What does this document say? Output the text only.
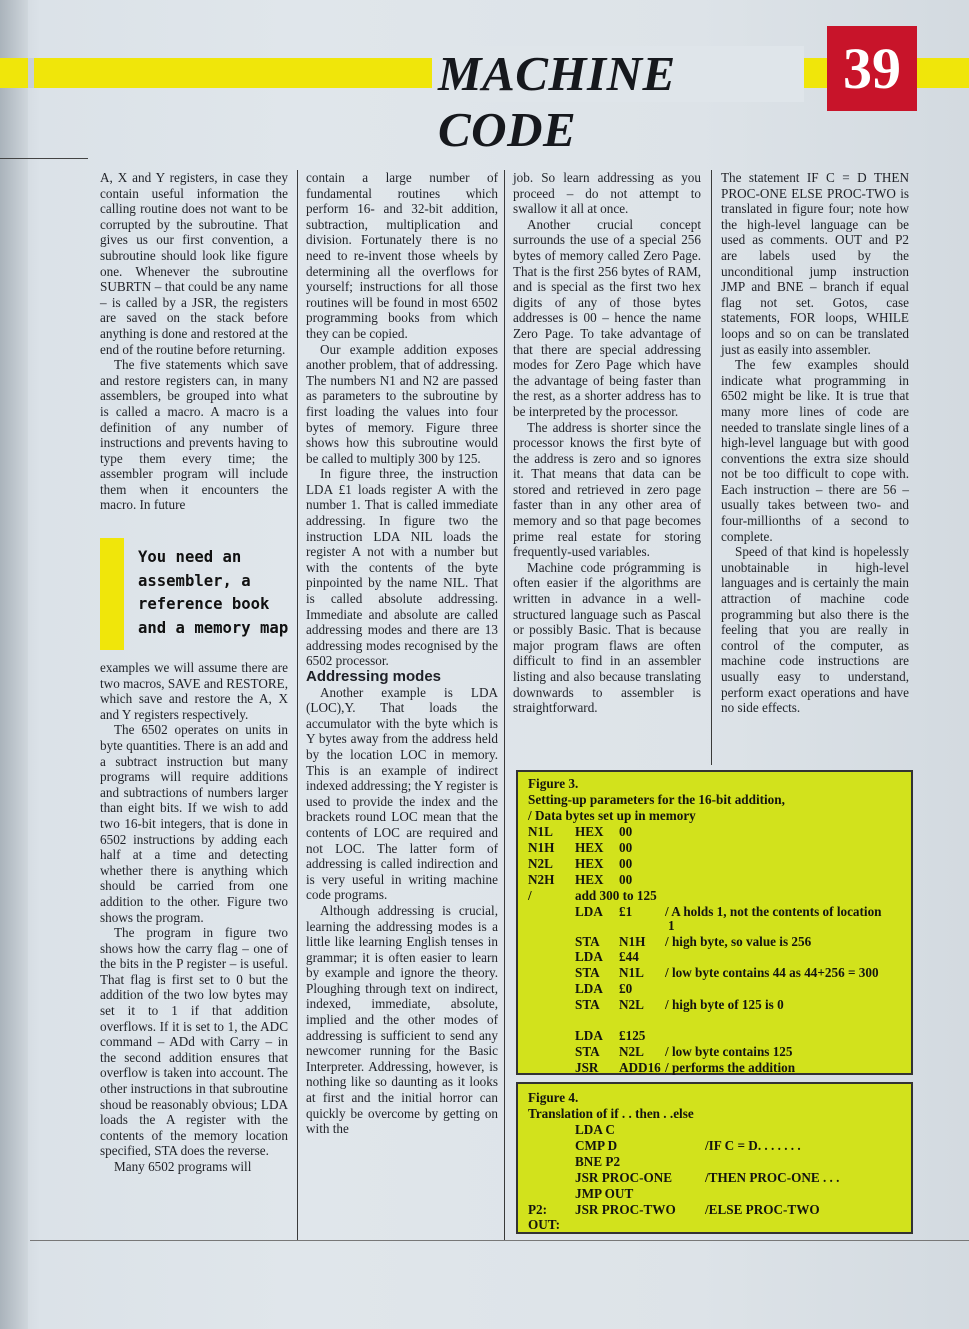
MACHINE CODE
39

A, X and Y registers, in case they contain useful information the calling routine does not want to be corrupted by the subroutine. That gives us our first convention, a subroutine should look like figure one. Whenever the subroutine SUBRTN – that could be any name – is called by a JSR, the registers are saved on the stack before anything is done and restored at the end of the routine before returning.

The five statements which save and restore registers can, in many assemblers, be grouped into what is called a macro. A macro is a definition of any number of instructions and prevents having to type them every time; the assembler program will include them when it encounters the macro. In future

You need an
assembler, a
reference book
and a memory map

examples we will assume there are two macros, SAVE and RESTORE, which save and restore the A, X and Y registers respectively.

The 6502 operates on units in byte quantities. There is an add and a subtract instruction but many programs will require additions and subtractions of numbers larger than eight bits. If we wish to add two 16-bit integers, that is done in 6502 instructions by adding each half at a time and detecting whether there is anything which should be carried from one addition to the other. Figure two shows the program.

The program in figure two shows how the carry flag – one of the bits in the P register – is useful. That flag is first set to 0 but the addition of the two low bytes may set it to 1 if that addition overflows. If it is set to 1, the ADC command – ADd with Carry – in the second addition ensures that overflow is taken into account. The other instructions in that subroutine shoud be reasonably obvious; LDA loads the A register with the contents of the memory location specified, STA does the reverse.

Many 6502 programs will

contain a large number of fundamental routines which perform 16- and 32-bit addition, subtraction, multiplication and division. Fortunately there is no need to re-invent those wheels by determining all the overflows for yourself; instructions for all those routines will be found in most 6502 programming books from which they can be copied.

Our example addition exposes another problem, that of addressing. The numbers N1 and N2 are passed as parameters to the subroutine by first loading the values into four bytes of memory. Figure three shows how this subroutine would be called to multiply 300 by 125.

In figure three, the instruction LDA £1 loads register A with the number 1. That is called immediate addressing. In figure two the instruction LDA NIL loads the register A not with a number but with the contents of the byte pinpointed by the name NIL. That is called absolute addressing. Immediate and absolute are called addressing modes and there are 13 addressing modes recognised by the 6502 processor.

Addressing modes

Another example is LDA (LOC),Y. That loads the accumulator with the byte which is Y bytes away from the address held by the location LOC in memory. This is an example of indirect indexed addressing; the Y register is used to provide the index and the brackets round LOC mean that the contents of LOC are required and not LOC. The latter form of addressing is called indirection and is very useful in writing machine code programs.

Although addressing is crucial, learning the addressing modes is a little like learning English tenses in grammar; it is often easier to learn by example and ignore the theory. Ploughing through text on indirect, indexed, immediate, absolute, implied and the other modes of addressing is sufficient to send any newcomer running for the Basic Interpreter. Addressing, however, is nothing like so daunting as it looks at first and the initial horror can quickly be overcome by getting on with the

job. So learn addressing as you proceed – do not attempt to swallow it all at once.

Another crucial concept surrounds the use of a special 256 bytes of memory called Zero Page. That is the first 256 bytes of RAM, and is special as the first two hex digits of any of those bytes addresses is 00 – hence the name Zero Page. To take advantage of that there are special addressing modes for Zero Page which have the advantage of being faster than the rest, as a shorter address has to be interpreted by the processor.

The address is shorter since the processor knows the first byte of the address is zero and so ignores it. That means that data can be stored and retrieved in zero page faster than in any other area of memory and so that page becomes prime real estate for storing frequently-used variables.

Machine code prógramming is often easier if the algorithms are written in advance in a well-structured language such as Pascal or possibly Basic. That is because major program flaws are often difficult to find in an assembler listing and also because translating downwards to assembler is straightforward.

The statement IF C = D THEN PROC-ONE ELSE PROC-TWO is translated in figure four; note how the high-level language can be used as comments. OUT and P2 are labels used by the unconditional jump instruction JMP and BNE – branch if equal flag not set. Gotos, case statements, FOR loops, WHILE loops and so on can be translated just as easily into assembler.

The few examples should indicate what programming in 6502 might be like. It is true that many more lines of code are needed to translate single lines of a high-level language but with good conventions the extra size should not be too difficult to cope with. Each instruction – there are 56 – usually takes between two- and four-millionths of a second to complete.

Speed of that kind is hopelessly unobtainable in high-level languages and is certainly the main attraction of machine code programming but also there is the feeling that you are really in control of the computer, as machine code instructions are usually easy to understand, perform exact operations and have no side effects.

Figure 3.
Setting-up parameters for the 16-bit addition,
/ Data bytes set up in memory
N1L HEX 00
N1H HEX 00
N2L HEX 00
N2H HEX 00
/	add 300 to 125
LDA £1 / A holds 1, not the contents of location
1
STA N1H / high byte, so value is 256
LDA £44
STA N1L / low byte contains 44 as 44+256 = 300
LDA £0
STA N2L / high byte of 125 is 0
LDA £125
STA N2L / low byte contains 125
JSR ADD16 / performs the addition
Figure 4.
Translation of if . . then . .else
LDA C
CMP D	/IF C = D. . . . . . .
BNE P2
JSR PROC-ONE /THEN PROC-ONE . . .
JMP OUT
P2: JSR PROC-TWO /ELSE PROC-TWO
OUT:
